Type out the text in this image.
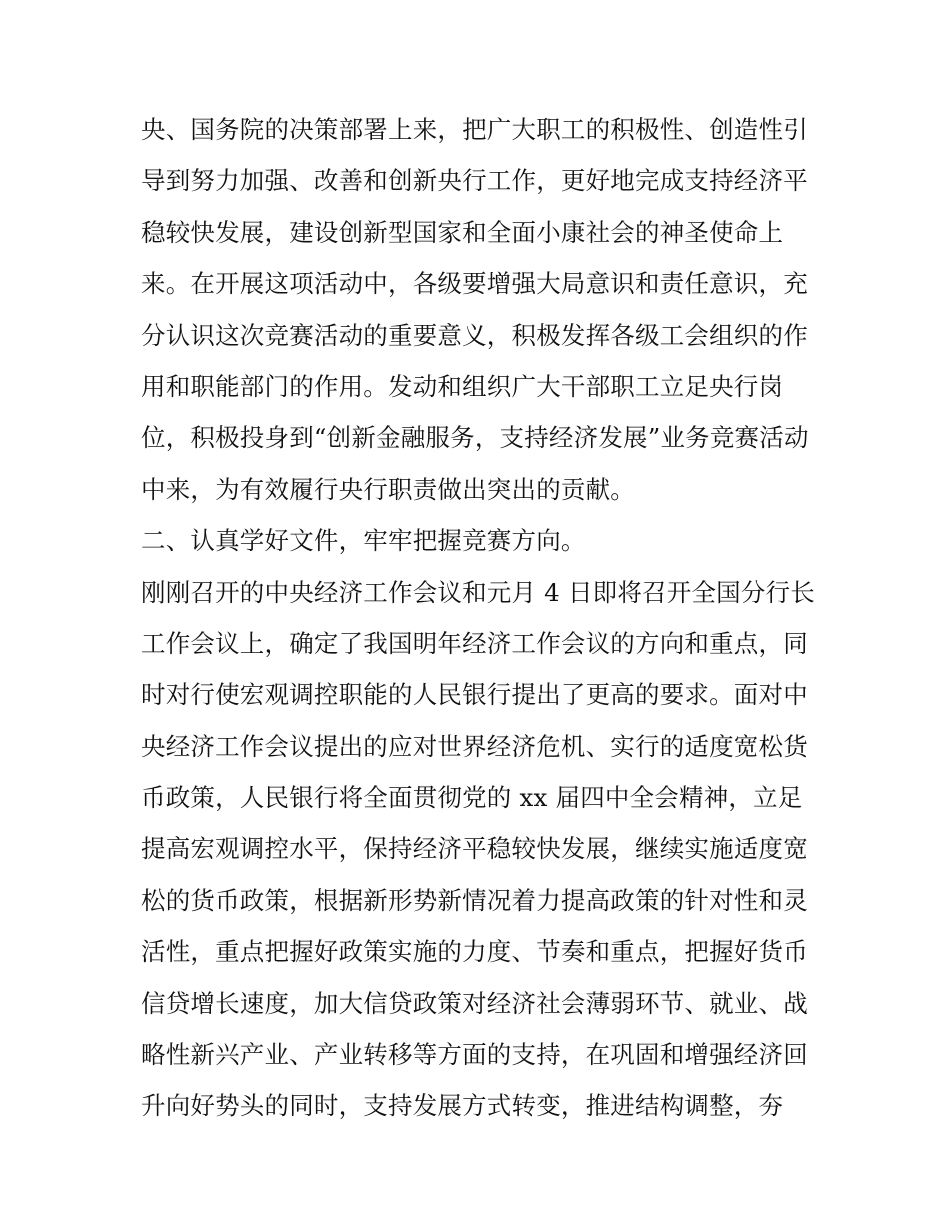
央、国务院的决策部署上来，把广大职工的积极性、创造性引
导到努力加强、改善和创新央行工作，更好地完成支持经济平
稳较快发展，建设创新型国家和全面小康社会的神圣使命上
来。在开展这项活动中，各级要增强大局意识和责任意识，充
分认识这次竞赛活动的重要意义，积极发挥各级工会组织的作
用和职能部门的作用。发动和组织广大干部职工立足央行岗
位，积极投身到“创新金融服务，支持经济发展”业务竞赛活动
中来，为有效履行央行职责做出突出的贡献。
二、认真学好文件，牢牢把握竞赛方向。
刚刚召开的中央经济工作会议和元月 4 日即将召开全国分行长
工作会议上，确定了我国明年经济工作会议的方向和重点，同
时对行使宏观调控职能的人民银行提出了更高的要求。面对中
央经济工作会议提出的应对世界经济危机、实行的适度宽松货
币政策，人民银行将全面贯彻党的 xx 届四中全会精神，立足
提高宏观调控水平，保持经济平稳较快发展，继续实施适度宽
松的货币政策，根据新形势新情况着力提高政策的针对性和灵
活性，重点把握好政策实施的力度、节奏和重点，把握好货币
信贷增长速度，加大信贷政策对经济社会薄弱环节、就业、战
略性新兴产业、产业转移等方面的支持，在巩固和增强经济回
升向好势头的同时，支持发展方式转变，推进结构调整，夯
